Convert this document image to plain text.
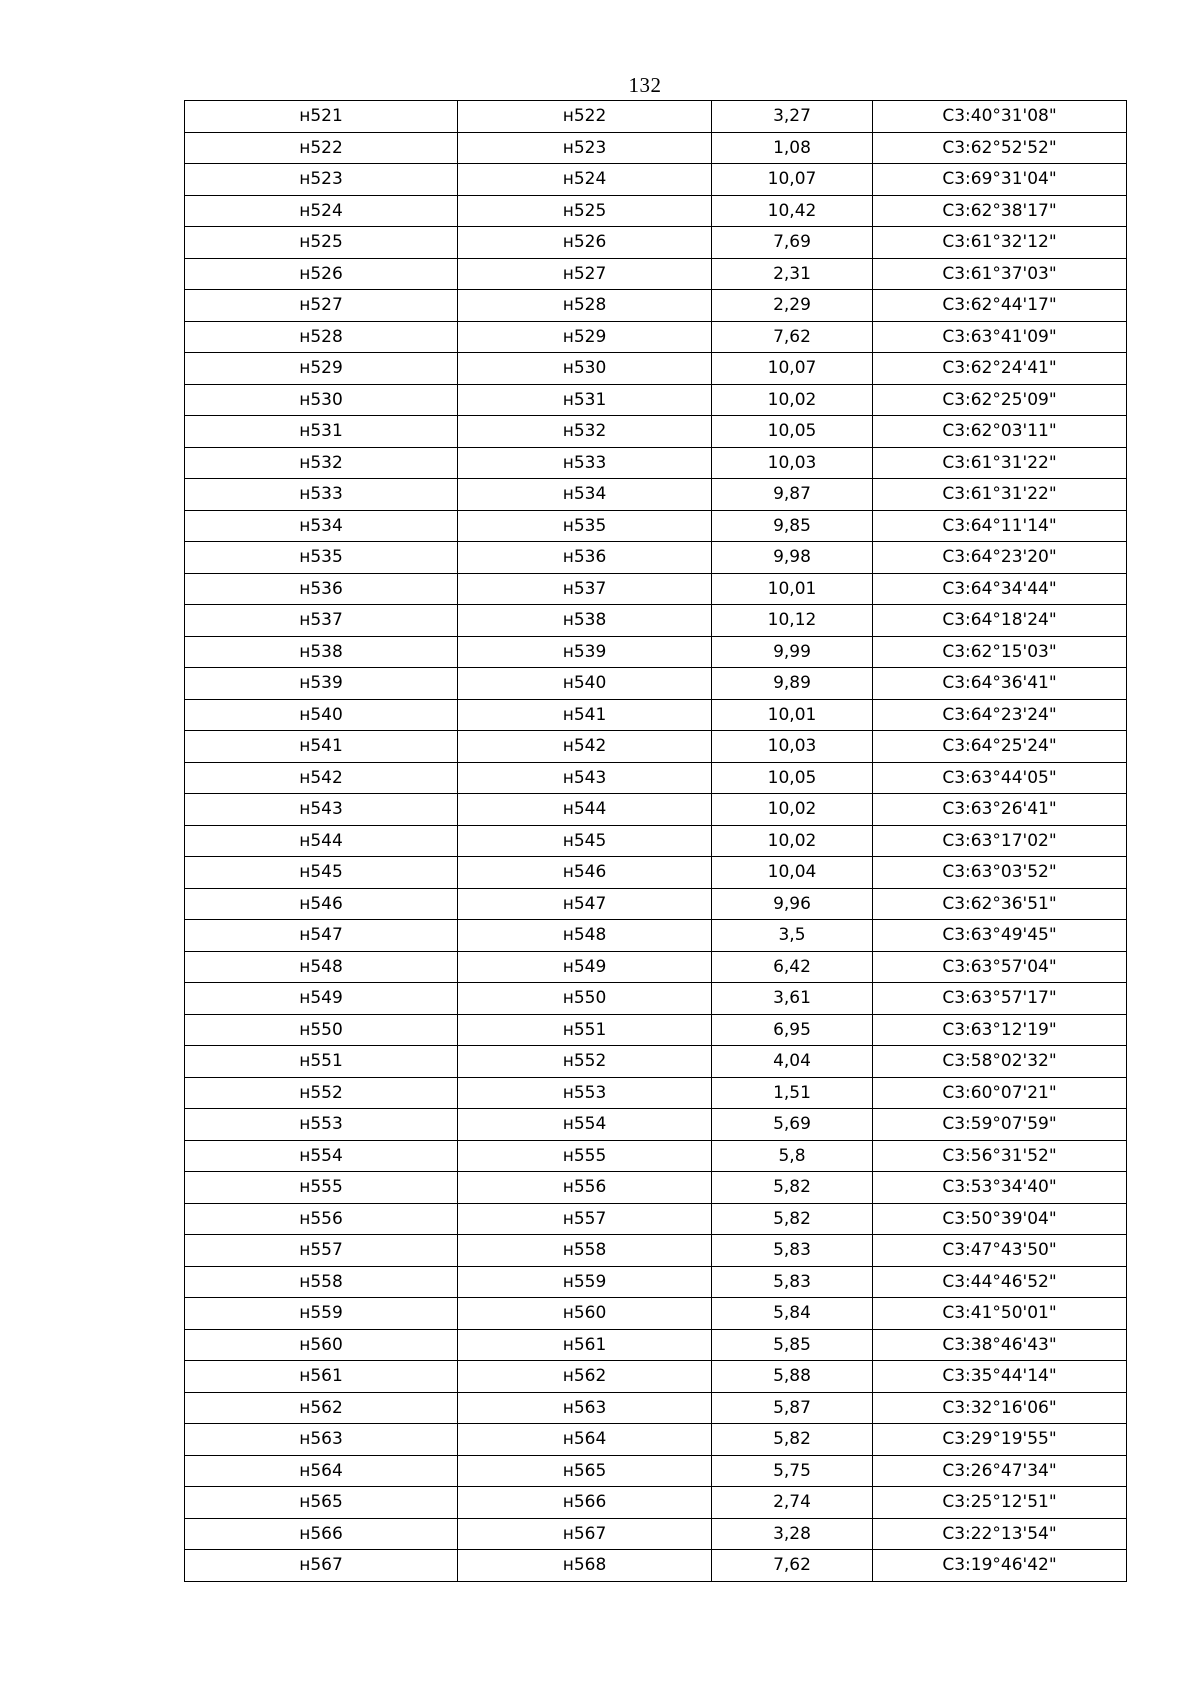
132
н521	н522	3,27	С3:40°31'08"
н522	н523	1,08	С3:62°52'52"
н523	н524	10,07	С3:69°31'04"
н524	н525	10,42	С3:62°38'17"
н525	н526	7,69	С3:61°32'12"
н526	н527	2,31	С3:61°37'03"
н527	н528	2,29	С3:62°44'17"
н528	н529	7,62	С3:63°41'09"
н529	н530	10,07	С3:62°24'41"
н530	н531	10,02	С3:62°25'09"
н531	н532	10,05	С3:62°03'11"
н532	н533	10,03	С3:61°31'22"
н533	н534	9,87	С3:61°31'22"
н534	н535	9,85	С3:64°11'14"
н535	н536	9,98	С3:64°23'20"
н536	н537	10,01	С3:64°34'44"
н537	н538	10,12	С3:64°18'24"
н538	н539	9,99	С3:62°15'03"
н539	н540	9,89	С3:64°36'41"
н540	н541	10,01	С3:64°23'24"
н541	н542	10,03	С3:64°25'24"
н542	н543	10,05	С3:63°44'05"
н543	н544	10,02	С3:63°26'41"
н544	н545	10,02	С3:63°17'02"
н545	н546	10,04	С3:63°03'52"
н546	н547	9,96	С3:62°36'51"
н547	н548	3,5	С3:63°49'45"
н548	н549	6,42	С3:63°57'04"
н549	н550	3,61	С3:63°57'17"
н550	н551	6,95	С3:63°12'19"
н551	н552	4,04	С3:58°02'32"
н552	н553	1,51	С3:60°07'21"
н553	н554	5,69	С3:59°07'59"
н554	н555	5,8	С3:56°31'52"
н555	н556	5,82	С3:53°34'40"
н556	н557	5,82	С3:50°39'04"
н557	н558	5,83	С3:47°43'50"
н558	н559	5,83	С3:44°46'52"
н559	н560	5,84	С3:41°50'01"
н560	н561	5,85	С3:38°46'43"
н561	н562	5,88	С3:35°44'14"
н562	н563	5,87	С3:32°16'06"
н563	н564	5,82	С3:29°19'55"
н564	н565	5,75	С3:26°47'34"
н565	н566	2,74	С3:25°12'51"
н566	н567	3,28	С3:22°13'54"
н567	н568	7,62	С3:19°46'42"
